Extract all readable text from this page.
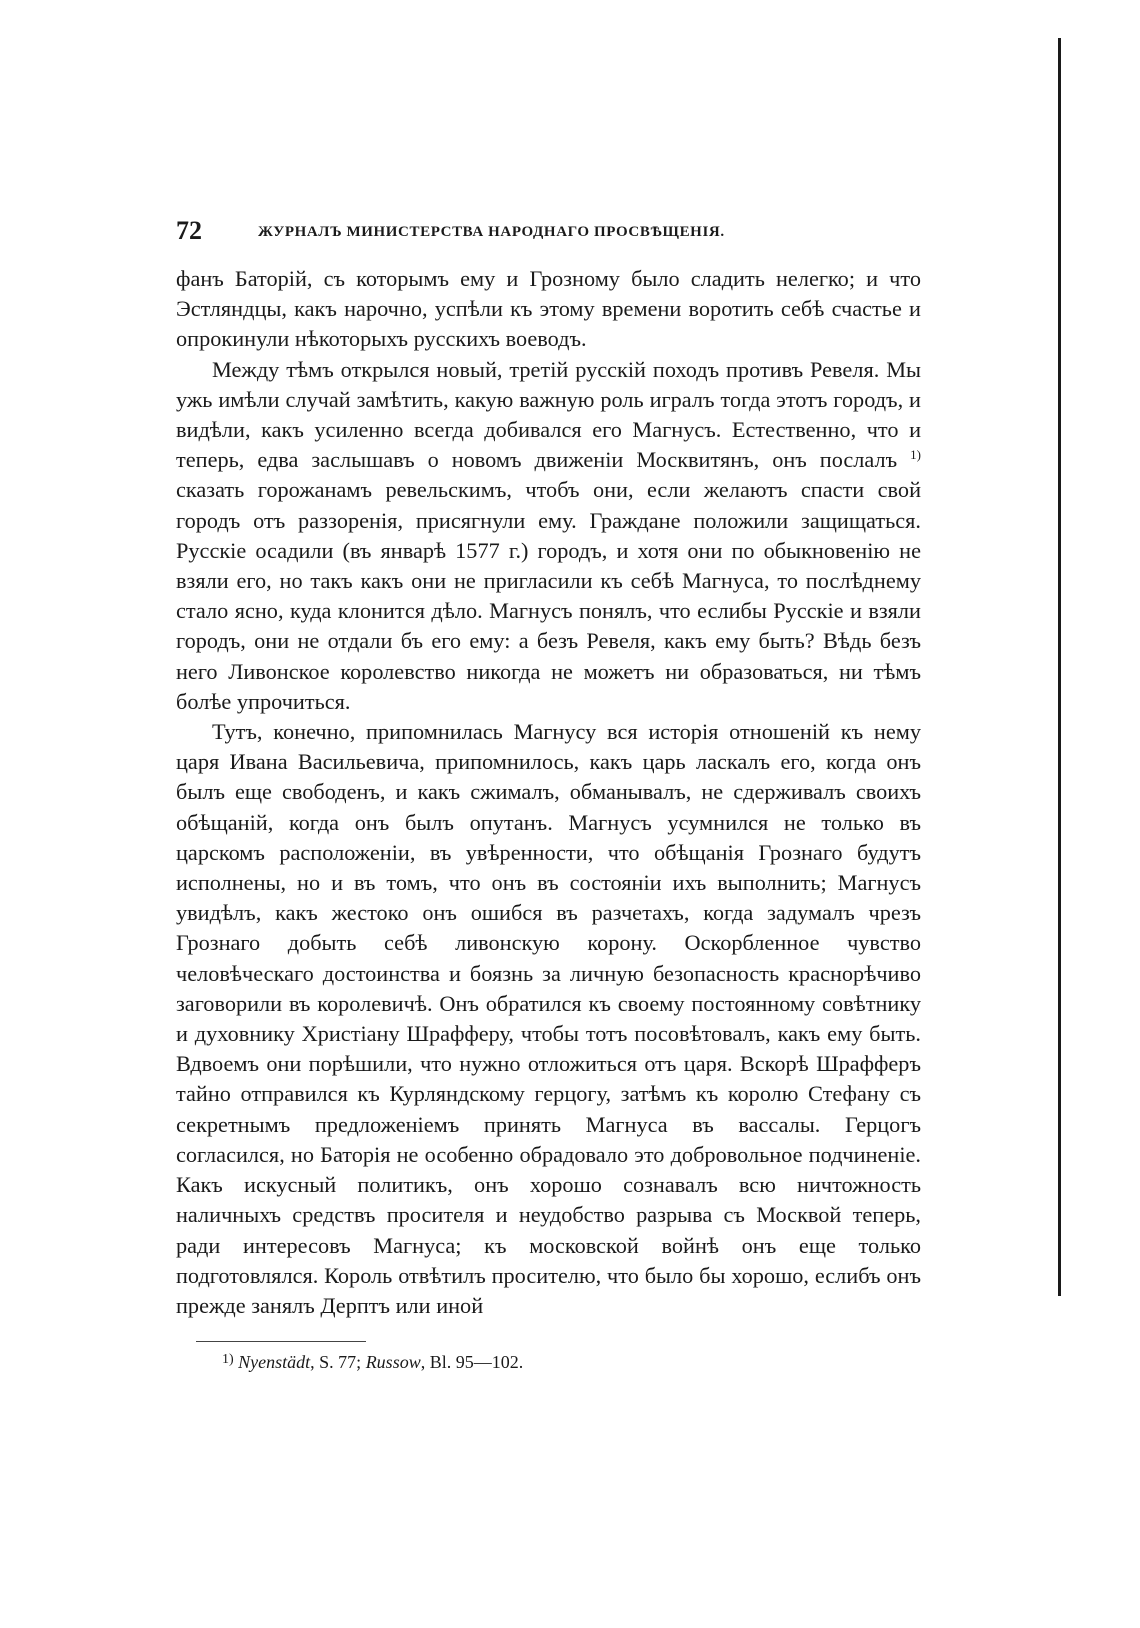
72	ЖУРНАЛЪ МИНИСТЕРСТВА НАРОДНАГО ПРОСВѢЩЕНІЯ.

фанъ Баторій, съ которымъ ему и Грозному было сладить нелегко; и что Эстляндцы, какъ нарочно, успѣли къ этому времени воротить себѣ счастье и опрокинули нѣкоторыхъ русскихъ воеводъ.

Между тѣмъ открылся новый, третій русскій походъ противъ Ревеля. Мы ужь имѣли случай замѣтить, какую важную роль игралъ тогда этотъ городъ, и видѣли, какъ усиленно всегда добивался его Магнусъ. Естественно, что и теперь, едва заслышавъ о новомъ движеніи Москвитянъ, онъ послалъ $^{1)}$ сказать горожанамъ ревельскимъ, чтобъ они, если желаютъ спасти свой городъ отъ раззоренія, присягнули ему. Граждане положили защищаться. Русскіе осадили (въ январѣ 1577 г.) городъ, и хотя они по обыкновенію не взяли его, но такъ какъ они не пригласили къ себѣ Магнуса, то послѣднему стало ясно, куда клонится дѣло. Магнусъ понялъ, что еслибы Русскіе и взяли городъ, они не отдали бъ его ему: а безъ Ревеля, какъ ему быть? Вѣдь безъ него Ливонское королевство никогда не можетъ ни образоваться, ни тѣмъ болѣе упрочиться.

Тутъ, конечно, припомнилась Магнусу вся исторія отношеній къ нему царя Ивана Васильевича, припомнилось, какъ царь ласкалъ его, когда онъ былъ еще свободенъ, и какъ сжималъ, обманывалъ, не сдерживалъ своихъ обѣщаній, когда онъ былъ опутанъ. Магнусъ усумнился не только въ царскомъ расположеніи, въ увѣренности, что обѣщанія Грознаго будутъ исполнены, но и въ томъ, что онъ въ состояніи ихъ выполнить; Магнусъ увидѣлъ, какъ жестоко онъ ошибся въ разчетахъ, когда задумалъ чрезъ Грознаго добыть себѣ ливонскую корону. Оскорбленное чувство человѣческаго достоинства и боязнь за личную безопасность краснорѣчиво заговорили въ королевичѣ. Онъ обратился къ своему постоянному совѣтнику и духовнику Христіану Шрафферу, чтобы тотъ посовѣтовалъ, какъ ему быть. Вдвоемъ они порѣшили, что нужно отложиться отъ царя. Вскорѣ Шрафферъ тайно отправился къ Курляндскому герцогу, затѣмъ къ королю Стефану съ секретнымъ предложеніемъ принять Магнуса въ вассалы. Герцогъ согласился, но Баторія не особенно обрадовало это добровольное подчиненіе. Какъ искусный политикъ, онъ хорошо сознавалъ всю ничтожность наличныхъ средствъ просителя и неудобство разрыва съ Москвой теперь, ради интересовъ Магнуса; къ московской войнѣ онъ еще только подготовлялся. Король отвѣтилъ просителю, что было бы хорошо, еслибъ онъ прежде занялъ Дерптъ или иной

$^{1)}$ Nyenstädt, S. 77; Russow, Bl. 95—102.
